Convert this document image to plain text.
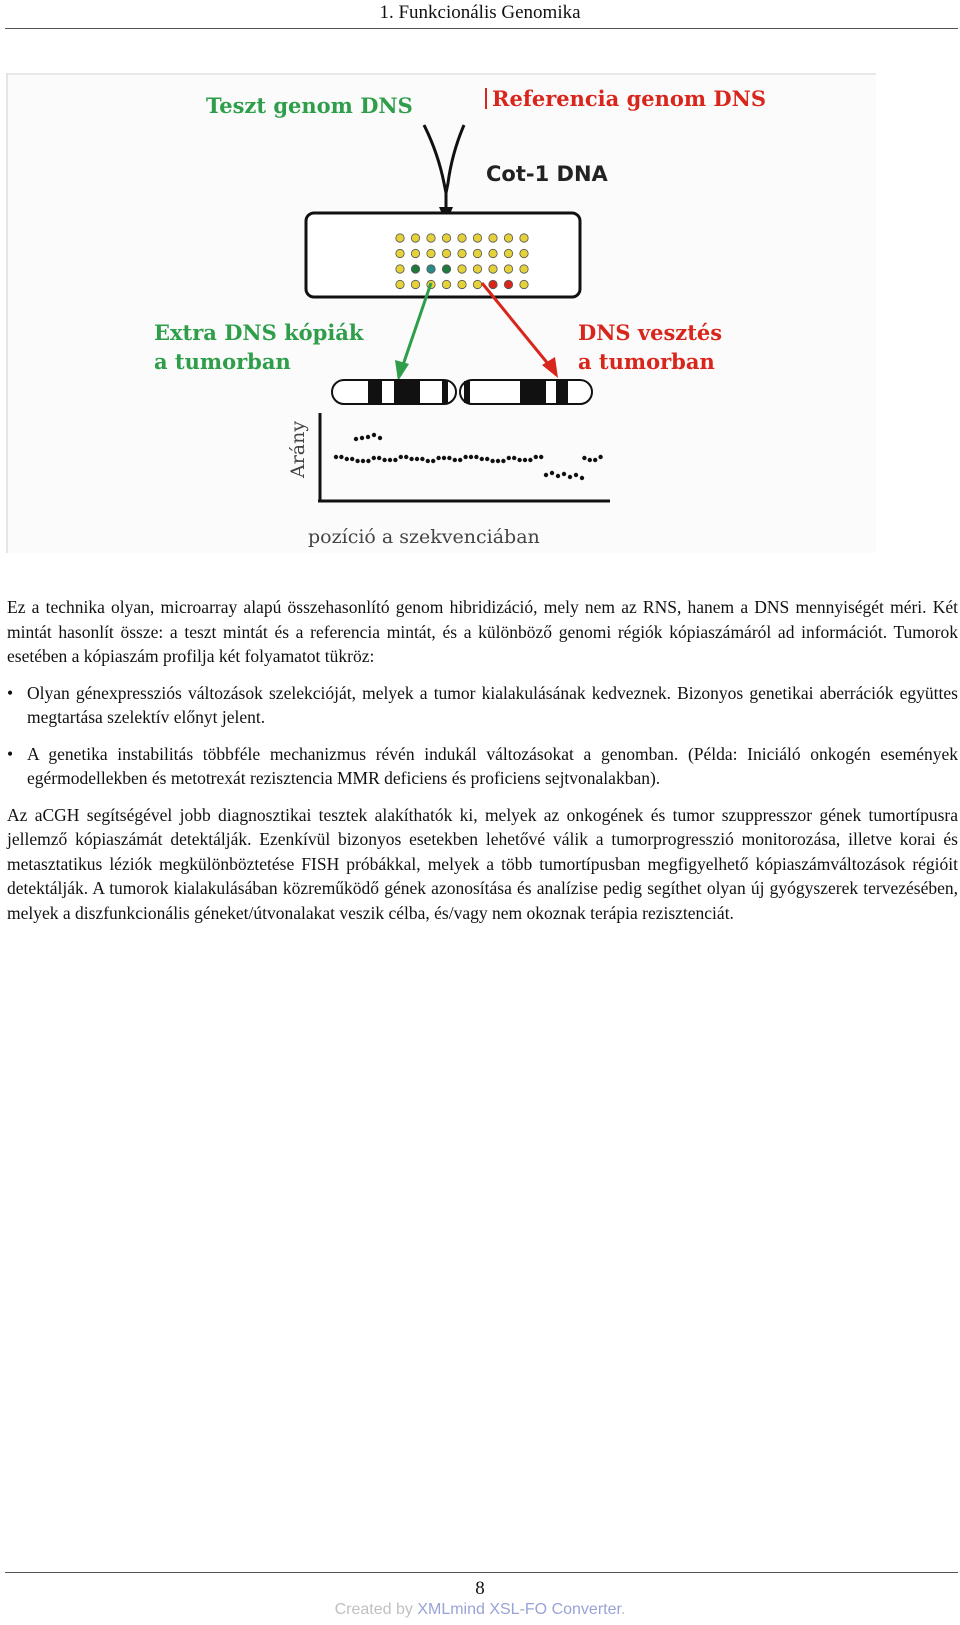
1. Funkcionális Genomika
Teszt genom DNS	Referencia genom DNS
Cot-1 DNA
Extra DNS kópiák
a tumorban
DNS vesztés
a tumorban
Arány
pozíció a szekvenciában

Ez a technika olyan, microarray alapú összehasonlító genom hibridizáció, mely nem az RNS, hanem a DNS mennyiségét méri. Két mintát hasonlít össze: a teszt mintát és a referencia mintát, és a különböző genomi régiók kópiaszámáról ad információt. Tumorok esetében a kópiaszám profilja két folyamatot tükröz:

• Olyan génexpressziós változások szelekcióját, melyek a tumor kialakulásának kedveznek. Bizonyos genetikai aberrációk együttes megtartása szelektív előnyt jelent.
• A genetika instabilitás többféle mechanizmus révén indukál változásokat a genomban. (Példa: Iniciáló onkogén események egérmodellekben és metotrexát rezisztencia MMR deficiens és proficiens sejtvonalakban).

Az aCGH segítségével jobb diagnosztikai tesztek alakíthatók ki, melyek az onkogének és tumor szuppresszor gének tumortípusra jellemző kópiaszámát detektálják. Ezenkívül bizonyos esetekben lehetővé válik a tumorprogresszió monitorozása, illetve korai és metasztatikus léziók megkülönböztetése FISH próbákkal, melyek a több tumortípusban megfigyelhető kópiaszámváltozások régióit detektálják. A tumorok kialakulásában közreműködő gének azonosítása és analízise pedig segíthet olyan új gyógyszerek tervezésében, melyek a diszfunkcionális géneket/útvonalakat veszik célba, és/vagy nem okoznak terápia rezisztenciát.

8
Created by XMLmind XSL-FO Converter.
